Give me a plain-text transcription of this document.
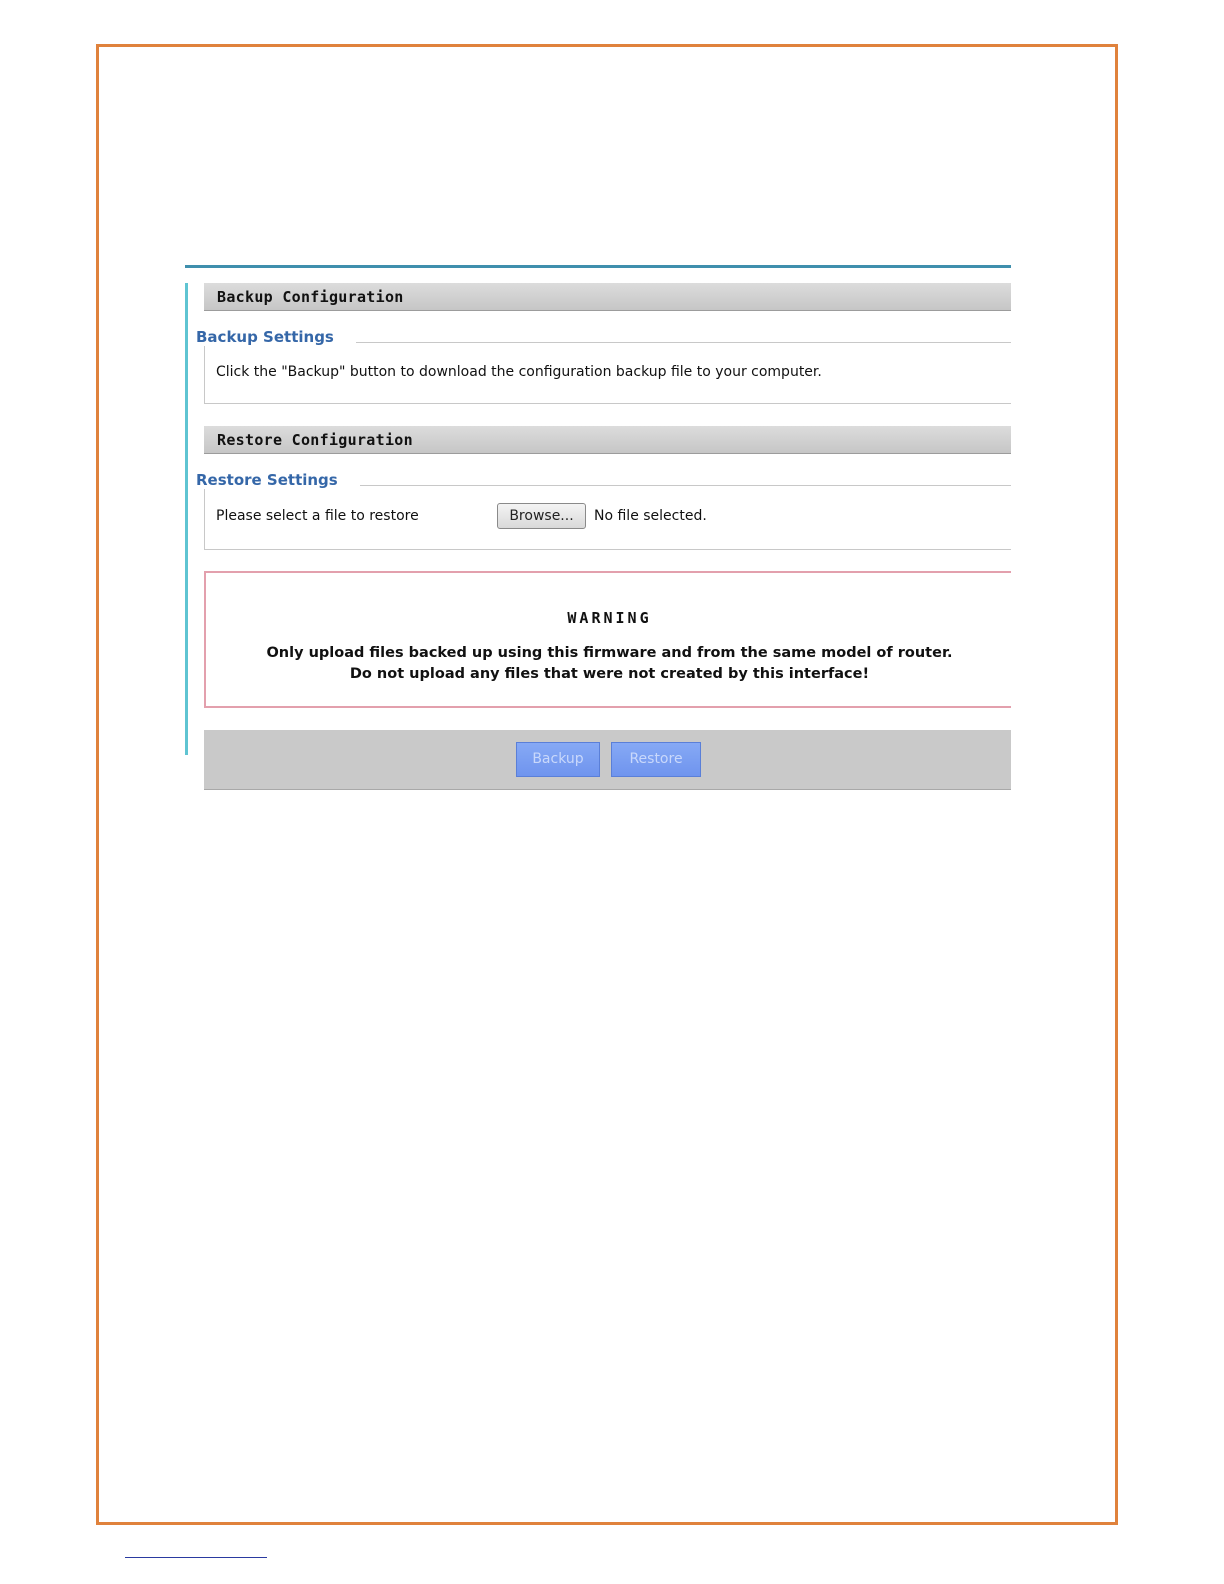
Backup Configuration
Backup Settings
Click the "Backup" button to download the configuration backup file to your computer.
Restore Configuration
Restore Settings
Please select a file to restore	Browse...	No file selected.
WARNING
Only upload files backed up using this firmware and from the same model of router.
Do not upload any files that were not created by this interface!
Backup	Restore
